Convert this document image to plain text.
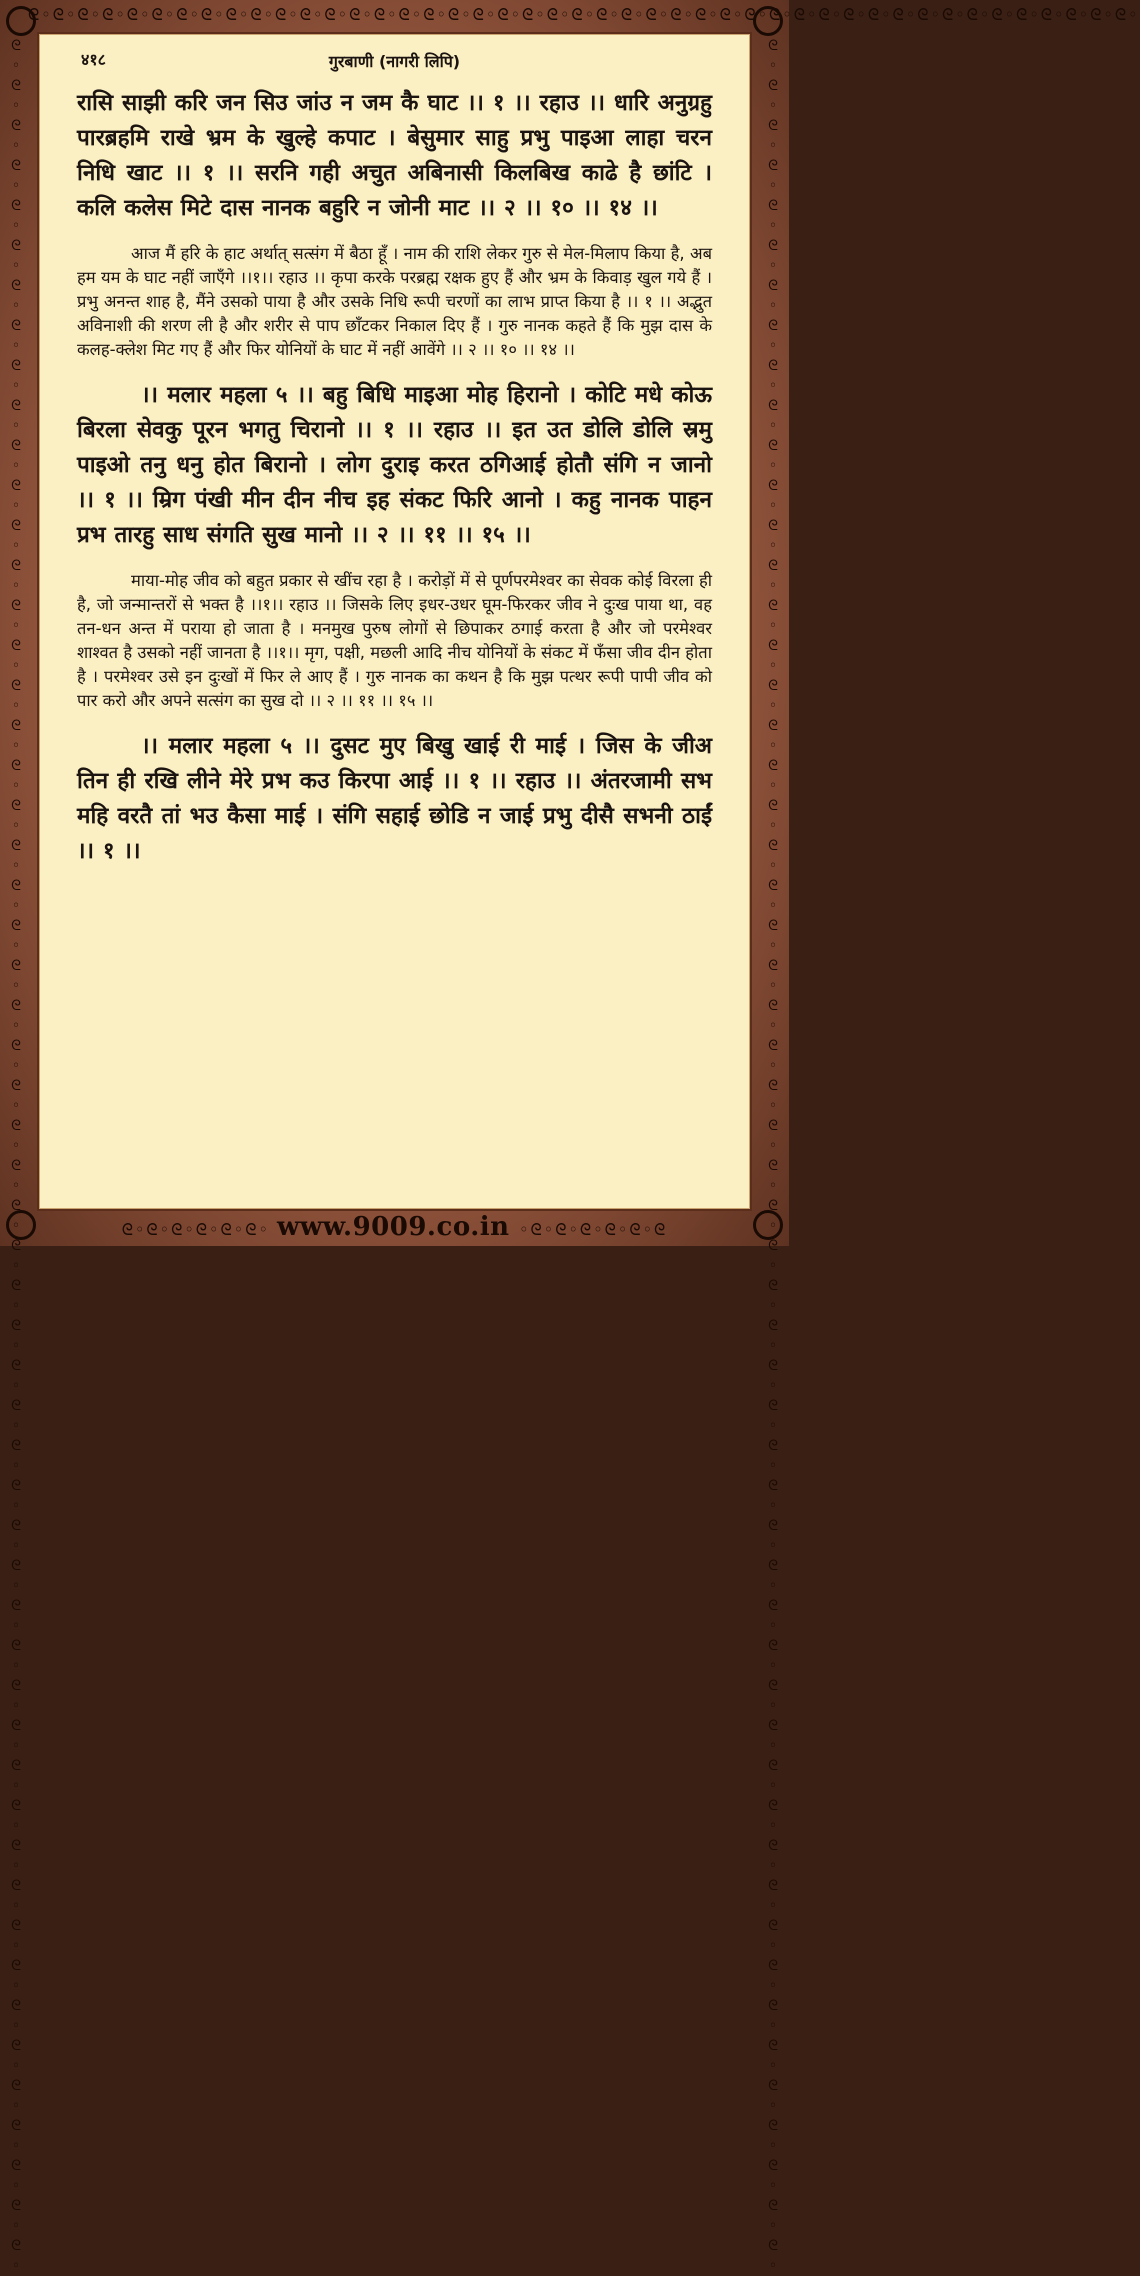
ᘓ◦ᘓ◦ᘓ◦ᘓ◦ᘓ◦ᘓ◦ᘓ◦ᘓ◦ᘓ◦ᘓ◦ᘓ◦ᘓ◦ᘓ◦ᘓ◦ᘓ◦ᘓ◦ᘓ◦ᘓ◦ᘓ◦ᘓ◦ᘓ◦ᘓ◦ᘓ◦ᘓ◦ᘓ◦ᘓ◦ᘓ◦ᘓ◦ᘓ◦ᘓ◦ᘓ◦ᘓ◦ᘓ◦ᘓ◦ᘓ◦ᘓ◦ᘓ◦ᘓ◦ᘓ◦ᘓ◦ᘓ◦ᘓ◦ᘓ◦ᘓ◦ᘓ◦
ᘓ◦ᘓ◦ᘓ◦ᘓ◦ᘓ◦ᘓ◦ᘓ◦ᘓ◦ᘓ◦ᘓ◦ᘓ◦ᘓ◦ᘓ◦ᘓ◦ᘓ◦ᘓ◦ᘓ◦ᘓ◦ᘓ◦ᘓ◦ᘓ◦ᘓ◦ᘓ◦ᘓ◦ᘓ◦ᘓ◦ᘓ◦ᘓ◦ᘓ◦ᘓ◦ᘓ◦ᘓ◦ᘓ◦ᘓ◦ᘓ◦ᘓ◦ᘓ◦ᘓ◦ᘓ◦ᘓ◦ᘓ◦ᘓ◦ᘓ◦ᘓ◦ᘓ◦ᘓ◦ᘓ◦ᘓ◦ᘓ◦ᘓ◦ᘓ◦ᘓ◦ᘓ◦ᘓ◦ᘓ◦ᘓ◦
ᘓ◦ᘓ◦ᘓ◦ᘓ◦ᘓ◦ᘓ◦ᘓ◦ᘓ◦ᘓ◦ᘓ◦ᘓ◦ᘓ◦ᘓ◦ᘓ◦ᘓ◦ᘓ◦ᘓ◦ᘓ◦ᘓ◦ᘓ◦ᘓ◦ᘓ◦ᘓ◦ᘓ◦ᘓ◦ᘓ◦ᘓ◦ᘓ◦ᘓ◦ᘓ◦ᘓ◦ᘓ◦ᘓ◦ᘓ◦ᘓ◦ᘓ◦ᘓ◦ᘓ◦ᘓ◦ᘓ◦ᘓ◦ᘓ◦ᘓ◦ᘓ◦ᘓ◦ᘓ◦ᘓ◦ᘓ◦ᘓ◦ᘓ◦ᘓ◦ᘓ◦ᘓ◦ᘓ◦ᘓ◦ᘓ◦
४१८	गुरबाणी (नागरी लिपि)

रासि साझी करि जन सिउ जांउ न जम कै घाट ।। १ ।। रहाउ ।। धारि अनुग्रहु पारब्रहमि राखे भ्रम के खुल्हे कपाट । बेसुमार साहु प्रभु पाइआ लाहा चरन निधि खाट ।। १ ।। सरनि गही अचुत अबिनासी किलबिख काढे है छांटि । कलि कलेस मिटे दास नानक बहुरि न जोनी माट ।। २ ।। १० ।। १४ ।।

आज मैं हरि के हाट अर्थात् सत्संग में बैठा हूँ । नाम की राशि लेकर गुरु से मेल-मिलाप किया है, अब हम यम के घाट नहीं जाएँगे ।।१।। रहाउ ।। कृपा करके परब्रह्म रक्षक हुए हैं और भ्रम के किवाड़ खुल गये हैं । प्रभु अनन्त शाह है, मैंने उसको पाया है और उसके निधि रूपी चरणों का लाभ प्राप्त किया है ।। १ ।। अद्भुत अविनाशी की शरण ली है और शरीर से पाप छाँटकर निकाल दिए हैं । गुरु नानक कहते हैं कि मुझ दास के कलह-क्लेश मिट गए हैं और फिर योनियों के घाट में नहीं आवेंगे ।। २ ।। १० ।। १४ ।।

।। मलार महला ५ ।। बहु बिधि माइआ मोह हिरानो । कोटि मधे कोऊ बिरला सेवकु पूरन भगतु चिरानो ।। १ ।। रहाउ ।। इत उत डोलि डोलि स्रमु पाइओ तनु धनु होत बिरानो । लोग दुराइ करत ठगिआई होतौ संगि न जानो ।। १ ।। म्रिग पंखी मीन दीन नीच इह संकट फिरि आनो । कहु नानक पाहन प्रभ तारहु साध संगति सुख मानो ।। २ ।। ११ ।। १५ ।।

माया-मोह जीव को बहुत प्रकार से खींच रहा है । करोड़ों में से पूर्णपरमेश्वर का सेवक कोई विरला ही है, जो जन्मान्तरों से भक्त है ।।१।। रहाउ ।। जिसके लिए इधर-उधर घूम-फिरकर जीव ने दुःख पाया था, वह तन-धन अन्त में पराया हो जाता है । मनमुख पुरुष लोगों से छिपाकर ठगाई करता है और जो परमेश्वर शाश्वत है उसको नहीं जानता है ।।१।। मृग, पक्षी, मछली आदि नीच योनियों के संकट में फँसा जीव दीन होता है । परमेश्वर उसे इन दुःखों में फिर ले आए हैं । गुरु नानक का कथन है कि मुझ पत्थर रूपी पापी जीव को पार करो और अपने सत्संग का सुख दो ।। २ ।। ११ ।। १५ ।।

।। मलार महला ५ ।। दुसट मुए बिखु खाई री माई । जिस के जीअ तिन ही रखि लीने मेरे प्रभ कउ किरपा आई ।। १ ।। रहाउ ।। अंतरजामी सभ महि वरतै तां भउ कैसा माई । संगि सहाई छोडि न जाई प्रभु दीसै सभनी ठाईं ।। १ ।।

ᘓ◦ᘓ◦ᘓ◦ᘓ◦ᘓ◦ᘓ◦ www.9009.co.in ◦ᘓ◦ᘓ◦ᘓ◦ᘓ◦ᘓ◦ᘓ
